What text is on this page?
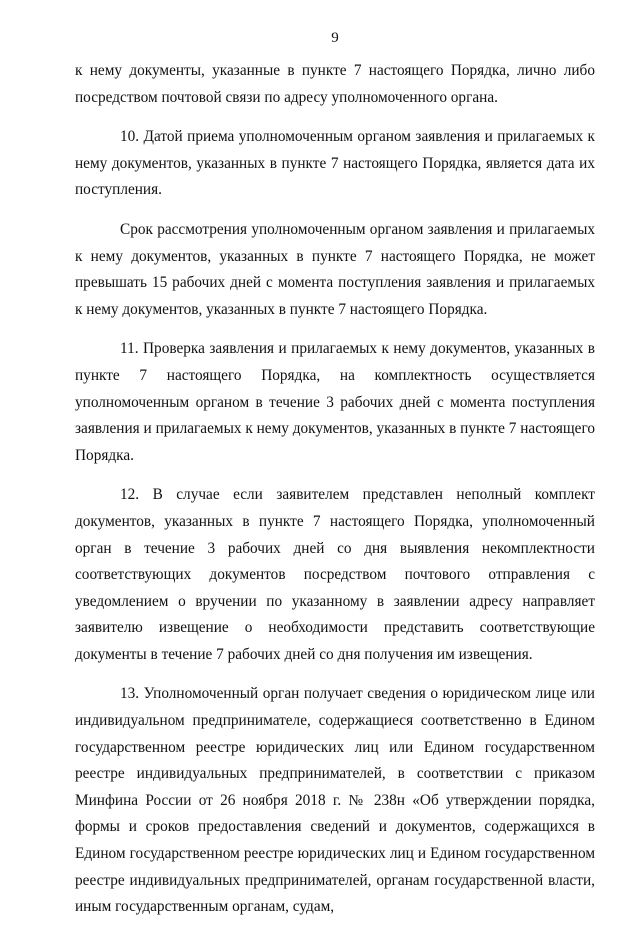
9

к нему документы, указанные в пункте 7 настоящего Порядка, лично либо посредством почтовой связи по адресу уполномоченного органа.

10. Датой приема уполномоченным органом заявления и прилагаемых к нему документов, указанных в пункте 7 настоящего Порядка, является дата их поступления.

Срок рассмотрения уполномоченным органом заявления и прилагаемых к нему документов, указанных в пункте 7 настоящего Порядка, не может превышать 15 рабочих дней с момента поступления заявления и прилагаемых к нему документов, указанных в пункте 7 настоящего Порядка.

11. Проверка заявления и прилагаемых к нему документов, указанных в пункте 7 настоящего Порядка, на комплектность осуществляется уполномоченным органом в течение 3 рабочих дней с момента поступления заявления и прилагаемых к нему документов, указанных в пункте 7 настоящего Порядка.

12. В случае если заявителем представлен неполный комплект документов, указанных в пункте 7 настоящего Порядка, уполномоченный орган в течение 3 рабочих дней со дня выявления некомплектности соответствующих документов посредством почтового отправления с уведомлением о вручении по указанному в заявлении адресу направляет заявителю извещение о необходимости представить соответствующие документы в течение 7 рабочих дней со дня получения им извещения.

13. Уполномоченный орган получает сведения о юридическом лице или индивидуальном предпринимателе, содержащиеся соответственно в Едином государственном реестре юридических лиц или Едином государственном реестре индивидуальных предпринимателей, в соответствии с приказом Минфина России от 26 ноября 2018 г. № 238н «Об утверждении порядка, формы и сроков предоставления сведений и документов, содержащихся в Едином государственном реестре юридических лиц и Едином государственном реестре индивидуальных предпринимателей, органам государственной власти, иным государственным органам, судам,
